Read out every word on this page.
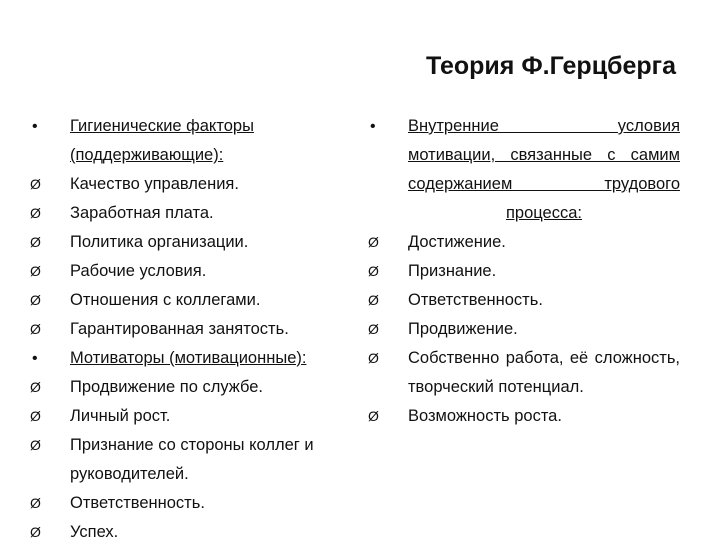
Теория Ф.Герцберга
•	Гигиенические факторы
(поддерживающие):
Ø	Качество управления.
Ø	Заработная плата.
Ø	Политика организации.
Ø	Рабочие условия.
Ø	Отношения с коллегами.
Ø	Гарантированная занятость.
•	Мотиваторы (мотивационные):
Ø	Продвижение по службе.
Ø	Личный рост.
Ø	Признание со стороны коллег и руководителей.
Ø	Ответственность.
Ø	Успех.
•	Внутренние условия
мотивации, связанные с самим
содержанием трудового
процесса:
Ø	Достижение.
Ø	Признание.
Ø	Ответственность.
Ø	Продвижение.
Ø	Собственно работа, её сложность, творческий потенциал.
Ø	Возможность роста.
